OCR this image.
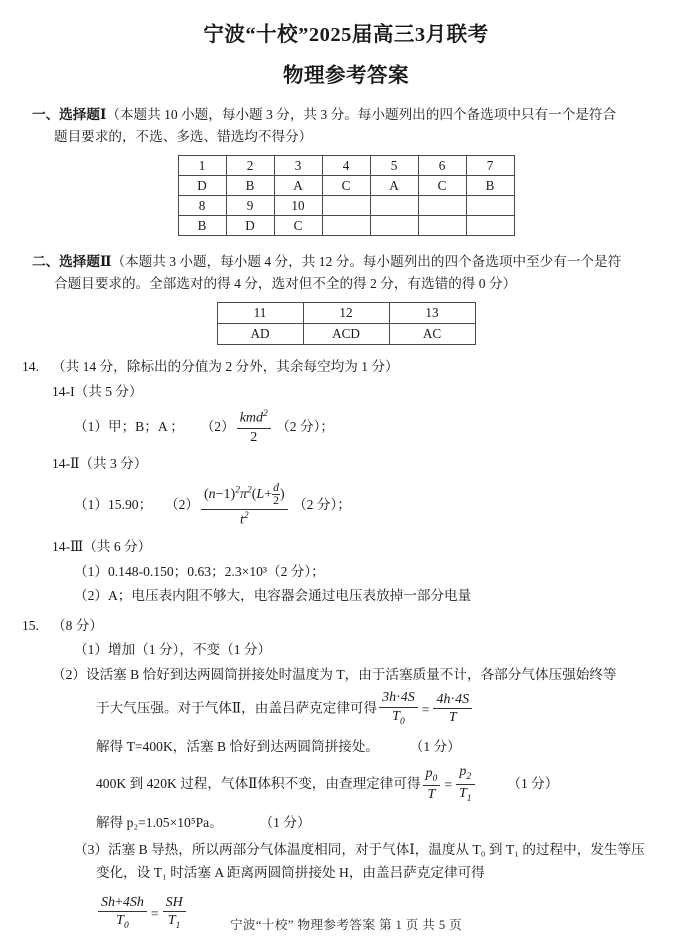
宁波“十校”2025届高三3月联考
物理参考答案
一、选择题Ⅰ（本题共 10 小题，每小题 3 分，共 3 分。每小题列出的四个备选项中只有一个是符合
题目要求的，不选、多选、错选均不得分）
1	2	3	4	5	6	7
D	B	A	C	A	C	B
8	9	10				
B	D	C				
二、选择题Ⅱ（本题共 3 小题，每小题 4 分，共 12 分。每小题列出的四个备选项中至少有一个是符
合题目要求的。全部选对的得 4 分，选对但不全的得 2 分，有选错的得 0 分）
11	12	13
AD	ACD	AC
14. （共 14 分，除标出的分值为 2 分外，其余每空均为 1 分）
14-I（共 5 分）
（1）甲；B；A ； $(2) \frac{kmd^2}{2} (2$ 分）；
14-Ⅱ（共 3 分）
（1）15.90； $(2) \frac{(n-1)^2\pi^2(L+ \frac{d}{2} )}{t^2} (2$ 分）；
14-Ⅲ（共 6 分）
（1）0.148-0.150；0.63；2.3×10³（2 分）；
（2）A；电压表内阻不够大，电容器会通过电压表放掉一部分电量
15. （8 分）
（1）增加（1 分），不变（1 分）
（2）设活塞 B 恰好到达两圆筒拼接处时温度为 T，由于活塞质量不计，各部分气体压强始终等
于大气压强。对于气体Ⅱ，由盖吕萨克定律可得 $\frac{3h\cdot 4S}{T_0} = \frac{4h\cdot 4S}{T}$
解得 T=400K，活塞 B 恰好到达两圆筒拼接处。 （1 分）
400K 到 420K 过程，气体Ⅱ体积不变，由查理定律可得 $\frac{p_0}{T} = \frac{p_2}{T_1} (1$ 分）
解得 p₂=1.05×10⁵Pa。	（1 分）
（3）活塞 B 导热，所以两部分气体温度相同，对于气体Ⅰ，温度从 T₀ 到 T₁ 的过程中，发生等压
变化，设 T₁ 时活塞 A 距离两圆筒拼接处 H，由盖吕萨克定律可得
$\frac{Sh+4Sh}{T_0} = \frac{SH}{T_1}$	宁波“十校” 物理参考答案 第 1 页 共 5 页
